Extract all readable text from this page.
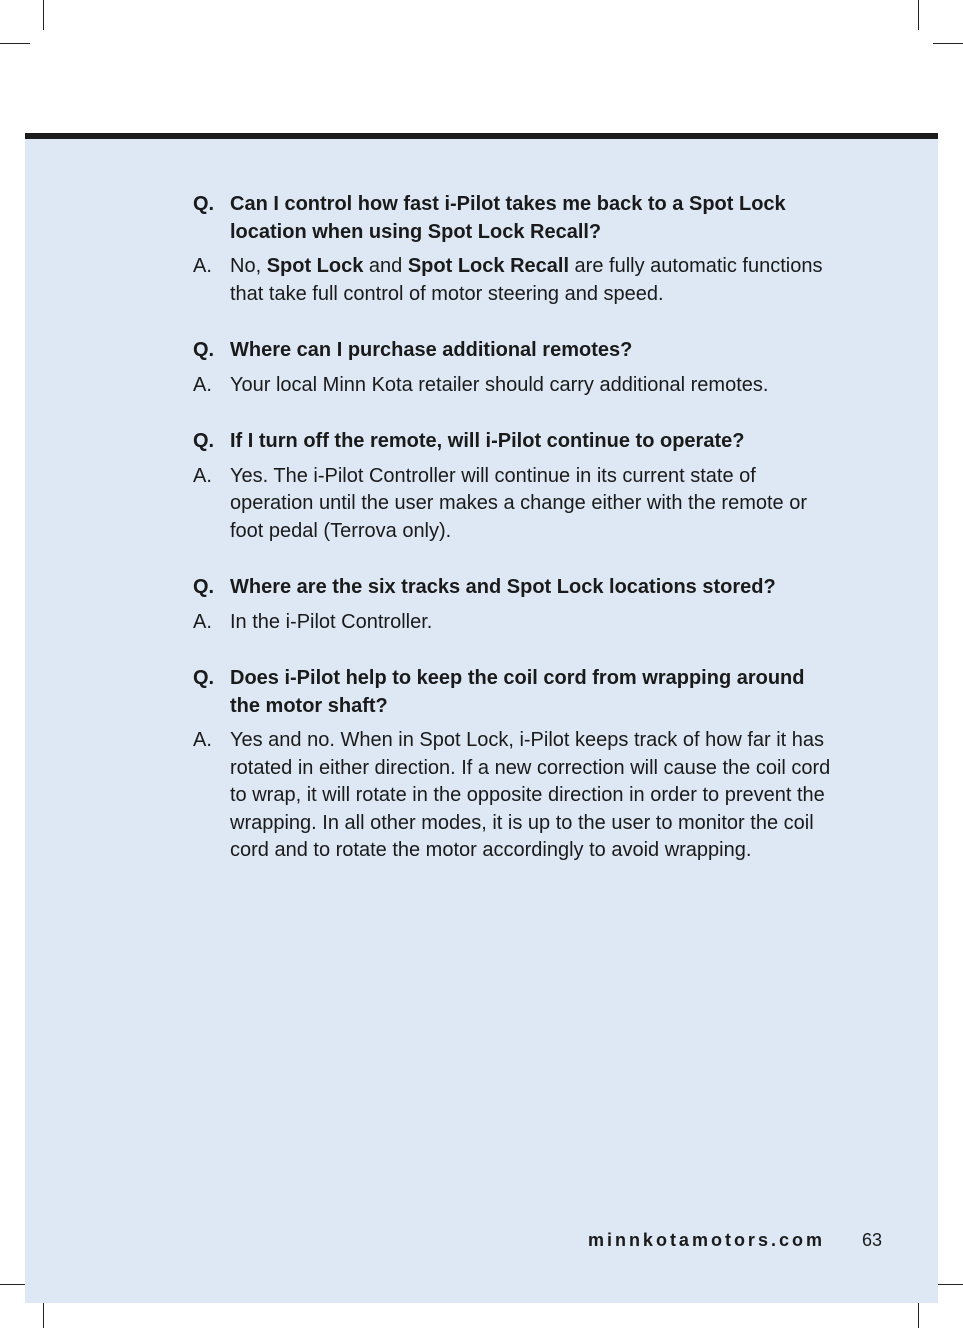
Q. Can I control how fast i-Pilot takes me back to a Spot Lock location when using Spot Lock Recall?
A. No, Spot Lock and Spot Lock Recall are fully automatic functions that take full control of motor steering and speed.
Q. Where can I purchase additional remotes?
A. Your local Minn Kota retailer should carry additional remotes.
Q. If I turn off the remote, will i-Pilot continue to operate?
A. Yes. The i-Pilot Controller will continue in its current state of operation until the user makes a change either with the remote or foot pedal (Terrova only).
Q. Where are the six tracks and Spot Lock locations stored?
A. In the i-Pilot Controller.
Q. Does i-Pilot help to keep the coil cord from wrapping around the motor shaft?
A. Yes and no. When in Spot Lock, i-Pilot keeps track of how far it has rotated in either direction. If a new correction will cause the coil cord to wrap, it will rotate in the opposite direction in order to prevent the wrapping. In all other modes, it is up to the user to monitor the coil cord and to rotate the motor accordingly to avoid wrapping.
minnkotamotors.com 63
